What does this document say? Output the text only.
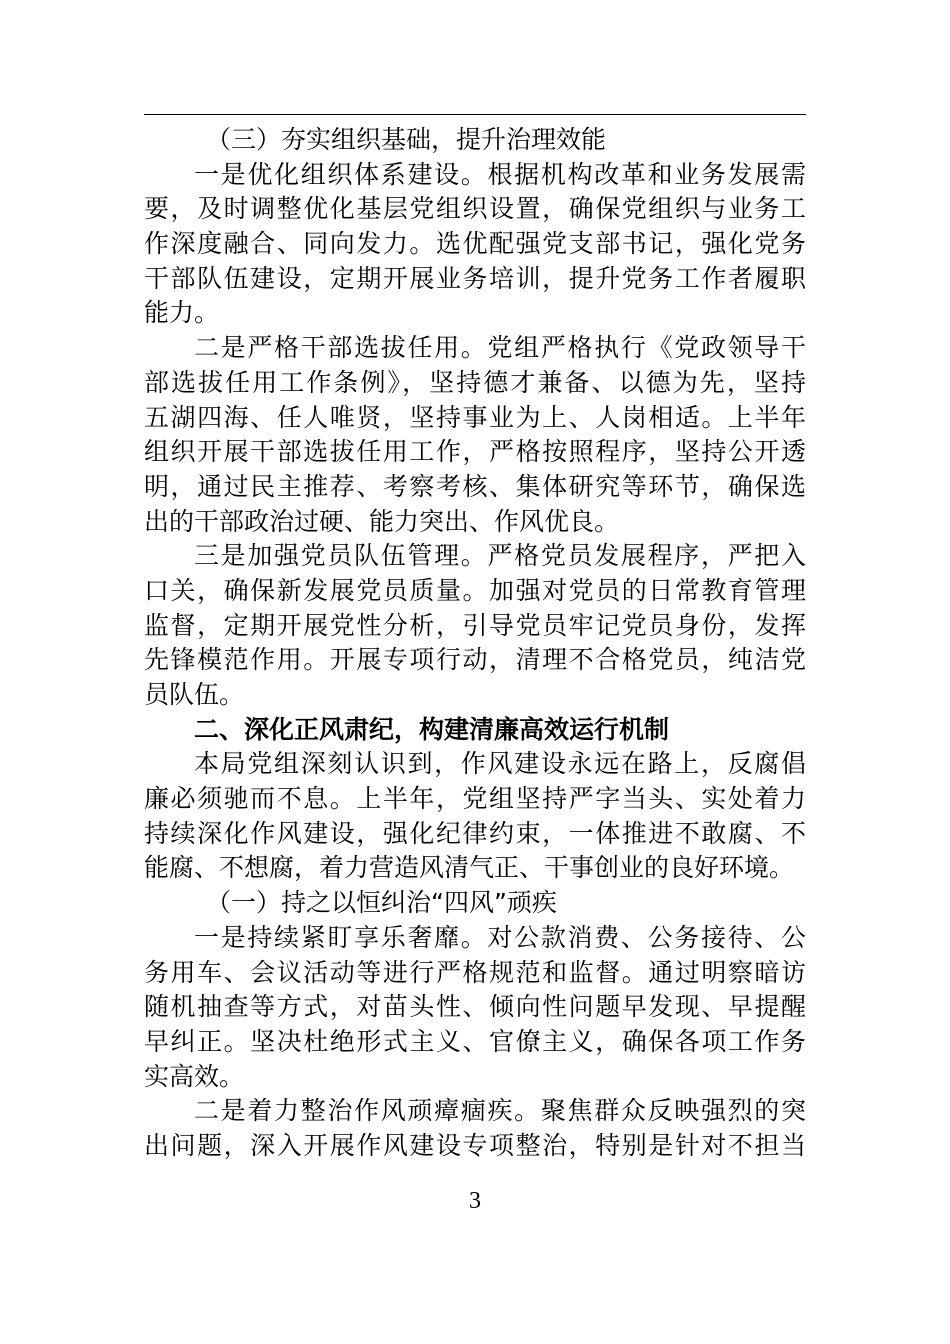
（三）夯实组织基础，提升治理效能
一是优化组织体系建设。根据机构改革和业务发展需
要，及时调整优化基层党组织设置，确保党组织与业务工
作深度融合、同向发力。选优配强党支部书记，强化党务
干部队伍建设，定期开展业务培训，提升党务工作者履职
能力。
二是严格干部选拔任用。党组严格执行《党政领导干
部选拔任用工作条例》，坚持德才兼备、以德为先，坚持
五湖四海、任人唯贤，坚持事业为上、人岗相适。上半年
组织开展干部选拔任用工作，严格按照程序，坚持公开透
明，通过民主推荐、考察考核、集体研究等环节，确保选
出的干部政治过硬、能力突出、作风优良。
三是加强党员队伍管理。严格党员发展程序，严把入
口关，确保新发展党员质量。加强对党员的日常教育管理
监督，定期开展党性分析，引导党员牢记党员身份，发挥
先锋模范作用。开展专项行动，清理不合格党员，纯洁党
员队伍。
二、深化正风肃纪，构建清廉高效运行机制
本局党组深刻认识到，作风建设永远在路上，反腐倡
廉必须驰而不息。上半年，党组坚持严字当头、实处着力
持续深化作风建设，强化纪律约束，一体推进不敢腐、不
能腐、不想腐，着力营造风清气正、干事创业的良好环境。
（一）持之以恒纠治“四风”顽疾
一是持续紧盯享乐奢靡。对公款消费、公务接待、公
务用车、会议活动等进行严格规范和监督。通过明察暗访
随机抽查等方式，对苗头性、倾向性问题早发现、早提醒
早纠正。坚决杜绝形式主义、官僚主义，确保各项工作务
实高效。
二是着力整治作风顽瘴痼疾。聚焦群众反映强烈的突
出问题，深入开展作风建设专项整治，特别是针对不担当
3
